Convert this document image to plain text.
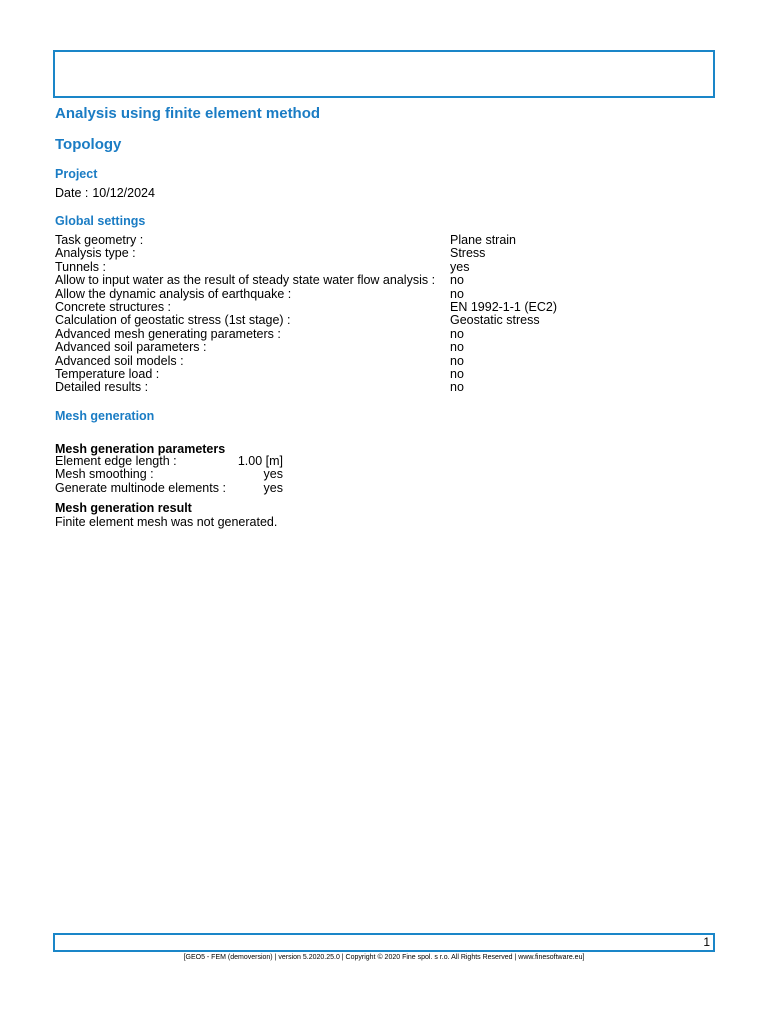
Analysis using finite element method
Topology
Project
Date : 10/12/2024
Global settings
Task geometry :	Plane strain
Analysis type :	Stress
Tunnels :	yes
Allow to input water as the result of steady state water flow analysis : no
Allow the dynamic analysis of earthquake :	no
Concrete structures :	EN 1992-1-1 (EC2)
Calculation of geostatic stress (1st stage) :	Geostatic stress
Advanced mesh generating parameters :	no
Advanced soil parameters :	no
Advanced soil models :	no
Temperature load :	no
Detailed results :	no
Mesh generation
Mesh generation parameters
Element edge length :	1.00 [m]
Mesh smoothing :	yes
Generate multinode elements :	yes
Mesh generation result

Finite element mesh was not generated.

1
[GEO5 - FEM (demoversion) | version 5.2020.25.0 | Copyright © 2020 Fine spol. s r.o. All Rights Reserved | www.finesoftware.eu]
